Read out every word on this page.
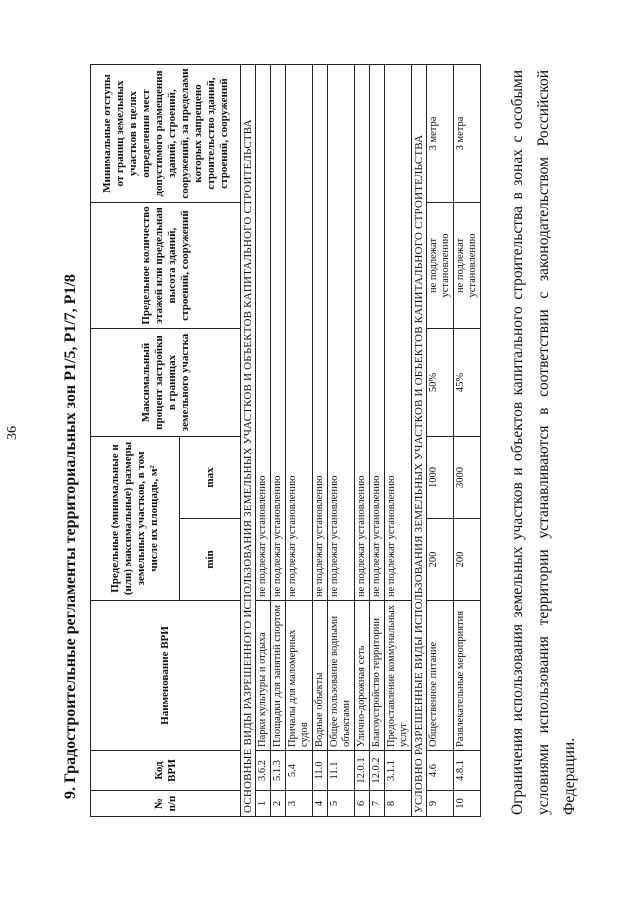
36	9. Градостроительные регламенты территориальных зон Р1/5, Р1/7, Р1/8
№ п/п	Код ВРИ	Наименование ВРИ	Предельные (минимальные и (или) максимальные) размеры земельных участков, в том числе их площадь, м²		Максимальный процент застройки в границах земельного участка	Предельное количество этажей или предельная высота зданий, строений, сооружений	Минимальные отступы от границ земельных участков в целях определения мест допустимого размещения зданий, строений, сооружений, за пределами которых запрещено строительство зданий, строений, сооружений
			min	max			
ОСНОВНЫЕ ВИДЫ РАЗРЕШЕННОГО ИСПОЛЬЗОВАНИЯ ЗЕМЕЛЬНЫХ УЧАСТКОВ И ОБЪЕКТОВ КАПИТАЛЬНОГО СТРОИТЕЛЬСТВА							
1	3.6.2	Парки культуры и отдыха	не подлежат установлению				
2	5.1.3	Площадки для занятий спортом	не подлежат установлению				
3	5.4	Причалы для маломерных судов	не подлежат установлению				
4	11.0	Водные объекты	не подлежат установлению				
5	11.1	Общее пользование водными объектами	не подлежат установлению				
6	12.0.1	Улично-дорожная сеть	не подлежат установлению				
7	12.0.2	Благоустройство территории	не подлежат установлению				
8	3.1.1	Предоставление коммунальных услуг	не подлежат установлению				
УСЛОВНО РАЗРЕШЕННЫЕ ВИДЫ ИСПОЛЬЗОВАНИЯ ЗЕМЕЛЬНЫХ УЧАСТКОВ И ОБЪЕКТОВ КАПИТАЛЬНОГО СТРОИТЕЛЬСТВА							
9	4.6	Общественное питание	200	1000	50%	не подлежат установлению	3 метра
10	4.8.1	Развлекательные мероприятия	200	3000	45%	не подлежат установлению	3 метра	Ограничения использования земельных участков и объектов капитального строительства в зонах с особыми условиями использования территории устанавливаются в соответствии с законодательством Российской Федерации.
